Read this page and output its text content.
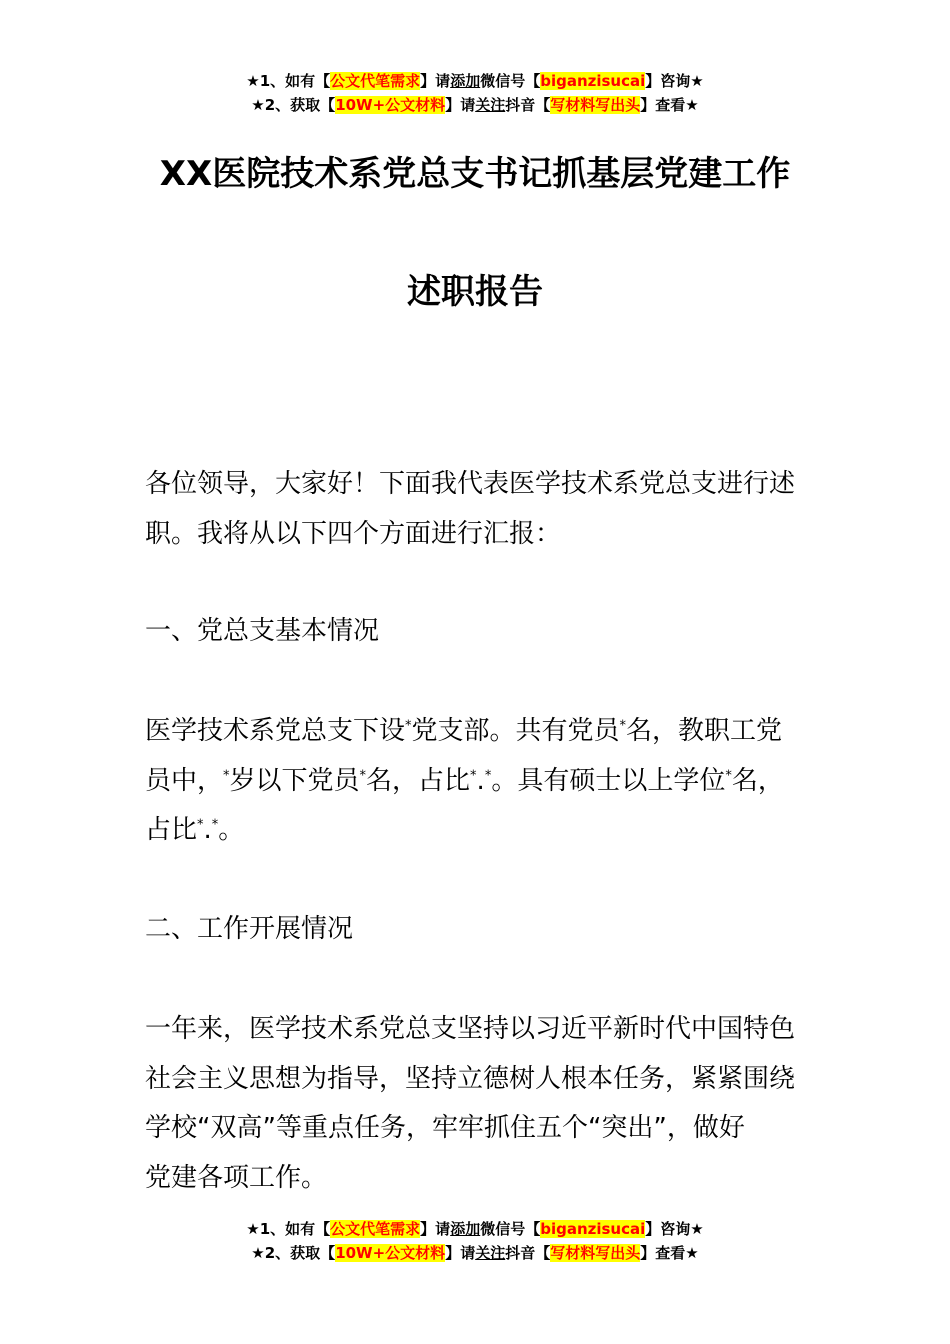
★1、如有【公文代笔需求】请添加微信号【biganzisucai】咨询★
★2、获取【10W+公文材料】请关注抖音【写材料写出头】查看★
XX医院技术系党总支书记抓基层党建工作
述职报告
各位领导，大家好！下面我代表医学技术系党总支进行述
职。我将从以下四个方面进行汇报：
一、党总支基本情况
医学技术系党总支下设*党支部。共有党员*名，教职工党
员中，*岁以下党员*名，占比*.*。具有硕士以上学位*名，
占比*.*。
二、工作开展情况
一年来，医学技术系党总支坚持以习近平新时代中国特色
社会主义思想为指导，坚持立德树人根本任务，紧紧围绕
学校“双高”等重点任务，牢牢抓住五个“突出”，做好
党建各项工作。
★1、如有【公文代笔需求】请添加微信号【biganzisucai】咨询★
★2、获取【10W+公文材料】请关注抖音【写材料写出头】查看★
